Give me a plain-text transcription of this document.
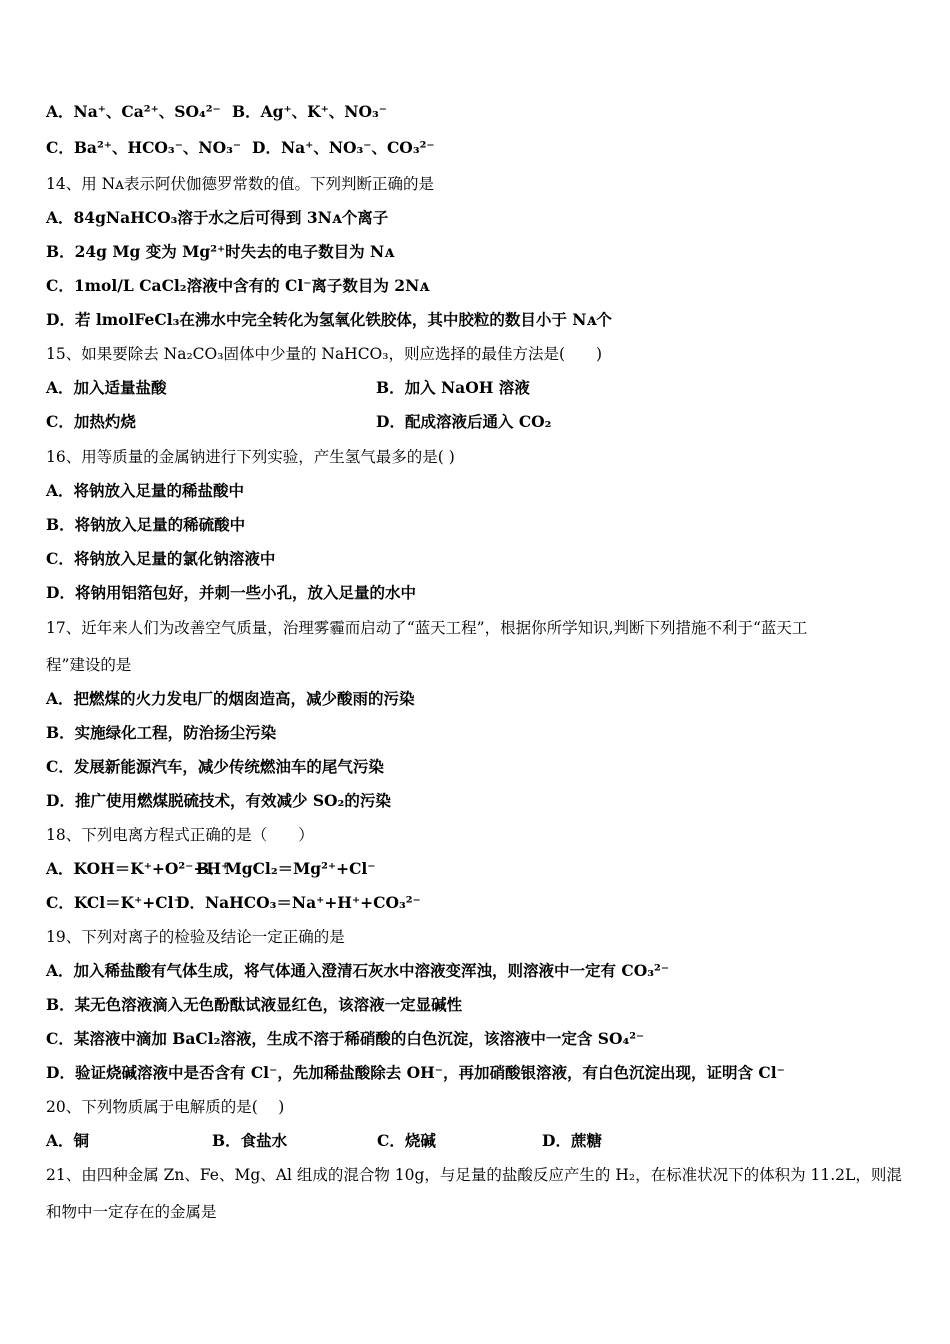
A．Na⁺、Ca²⁺、SO₄²⁻ B．Ag⁺、K⁺、NO₃⁻
C．Ba²⁺、HCO₃⁻、NO₃⁻ D．Na⁺、NO₃⁻、CO₃²⁻
14、用 Nᴀ表示阿伏伽德罗常数的值。下列判断正确的是
A．84gNaHCO₃溶于水之后可得到 3Nᴀ个离子
B．24g Mg 变为 Mg²⁺时失去的电子数目为 Nᴀ
C．1mol/L CaCl₂溶液中含有的 Cl⁻离子数目为 2Nᴀ
D．若 lmolFeCl₃在沸水中完全转化为氢氧化铁胶体，其中胶粒的数目小于 Nᴀ个
15、如果要除去 Na₂CO₃固体中少量的 NaHCO₃，则应选择的最佳方法是(　　)
A．加入适量盐酸	B．加入 NaOH 溶液
C．加热灼烧	D．配成溶液后通入 CO₂
16、用等质量的金属钠进行下列实验，产生氢气最多的是( )
A．将钠放入足量的稀盐酸中
B．将钠放入足量的稀硫酸中
C．将钠放入足量的氯化钠溶液中
D．将钠用铝箔包好，并刺一些小孔，放入足量的水中
17、近年来人们为改善空气质量，治理雾霾而启动了“蓝天工程”，根据你所学知识,判断下列措施不利于“蓝天工
程”建设的是
A．把燃煤的火力发电厂的烟囱造高，减少酸雨的污染
B．实施绿化工程，防治扬尘污染
C．发展新能源汽车，减少传统燃油车的尾气污染
D．推广使用燃煤脱硫技术，有效减少 SO₂的污染
18、下列电离方程式正确的是（　　）
A．KOH＝K⁺+O²⁻+H⁺
B．MgCl₂＝Mg²⁺+Cl⁻
C．KCl＝K⁺+Cl⁻
D．NaHCO₃＝Na⁺+H⁺+CO₃²⁻
19、下列对离子的检验及结论一定正确的是
A．加入稀盐酸有气体生成，将气体通入澄清石灰水中溶液变浑浊，则溶液中一定有 CO₃²⁻
B．某无色溶液滴入无色酚酞试液显红色，该溶液一定显碱性
C．某溶液中滴加 BaCl₂溶液，生成不溶于稀硝酸的白色沉淀，该溶液中一定含 SO₄²⁻
D．验证烧碱溶液中是否含有 Cl⁻，先加稀盐酸除去 OH⁻，再加硝酸银溶液，有白色沉淀出现，证明含 Cl⁻
20、下列物质属于电解质的是(　 )
A．铜	B．食盐水	C．烧碱	D．蔗糖
21、由四种金属 Zn、Fe、Mg、Al 组成的混合物 10g，与足量的盐酸反应产生的 H₂，在标准状况下的体积为 11.2L，则混
和物中一定存在的金属是
